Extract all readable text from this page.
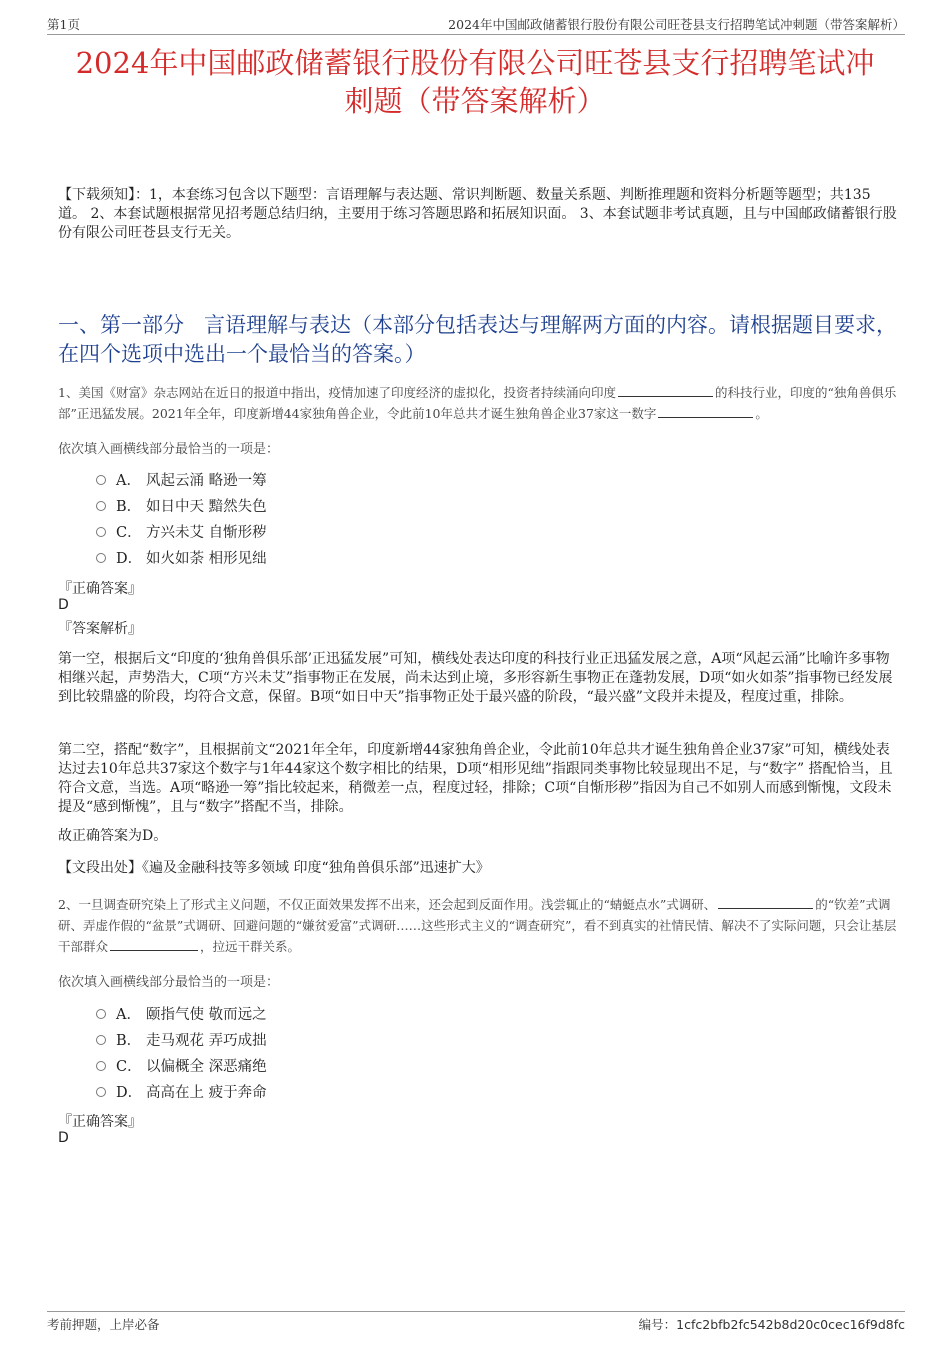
第1页	2024年中国邮政储蓄银行股份有限公司旺苍县支行招聘笔试冲刺题（带答案解析）
2024年中国邮政储蓄银行股份有限公司旺苍县支行招聘笔试冲
刺题（带答案解析）
【下载须知】：1，本套练习包含以下题型：言语理解与表达题、常识判断题、数量关系题、判断推理题和资料分析题等题型；共135道。 2、本套试题根据常见招考题总结归纳，主要用于练习答题思路和拓展知识面。 3、本套试题非考试真题，且与中国邮政储蓄银行股份有限公司旺苍县支行无关。
一、第一部分 言语理解与表达（本部分包括表达与理解两方面的内容。请根据题目要求，在四个选项中选出一个最恰当的答案。）
1、美国《财富》杂志网站在近日的报道中指出，疫情加速了印度经济的虚拟化，投资者持续涌向印度	的科技行业，印度的“独角兽俱乐部”正迅猛发展。2021年全年，印度新增44家独角兽企业，令此前10年总共才诞生独角兽企业37家这一数字	。
依次填入画横线部分最恰当的一项是：
A． 风起云涌 略逊一筹
B． 如日中天 黯然失色
C． 方兴未艾 自惭形秽
D． 如火如荼 相形见绌
『正确答案』
D
『答案解析』
第一空，根据后文“印度的‘独角兽俱乐部’正迅猛发展”可知，横线处表达印度的科技行业正迅猛发展之意，A项“风起云涌”比喻许多事物相继兴起，声势浩大，C项“方兴未艾”指事物正在发展，尚未达到止境，多形容新生事物正在蓬勃发展，D项“如火如荼”指事物已经发展到比较鼎盛的阶段，均符合文意，保留。B项“如日中天”指事物正处于最兴盛的阶段，“最兴盛”文段并未提及，程度过重，排除。
第二空，搭配“数字”，且根据前文“2021年全年，印度新增44家独角兽企业，令此前10年总共才诞生独角兽企业37家”可知，横线处表达过去10年总共37家这个数字与1年44家这个数字相比的结果，D项“相形见绌”指跟同类事物比较显现出不足，与“数字” 搭配恰当，且符合文意，当选。A项“略逊一筹”指比较起来，稍微差一点，程度过轻，排除；C项“自惭形秽”指因为自己不如别人而感到惭愧，文段未提及“感到惭愧”，且与“数字”搭配不当，排除。
故正确答案为D。
【文段出处】《遍及金融科技等多领域 印度“独角兽俱乐部”迅速扩大》
2、一旦调查研究染上了形式主义问题，不仅正面效果发挥不出来，还会起到反面作用。浅尝辄止的“蜻蜓点水”式调研、	的“钦差”式调研、弄虚作假的“盆景”式调研、回避问题的“嫌贫爱富”式调研……这些形式主义的“调查研究”，看不到真实的社情民情、解决不了实际问题，只会让基层干部群众	，拉远干群关系。
依次填入画横线部分最恰当的一项是：
A． 颐指气使 敬而远之
B． 走马观花 弄巧成拙
C． 以偏概全 深恶痛绝
D． 高高在上 疲于奔命
『正确答案』
D
考前押题，上岸必备	编号：1cfc2bfb2fc542b8d20c0cec16f9d8fc
